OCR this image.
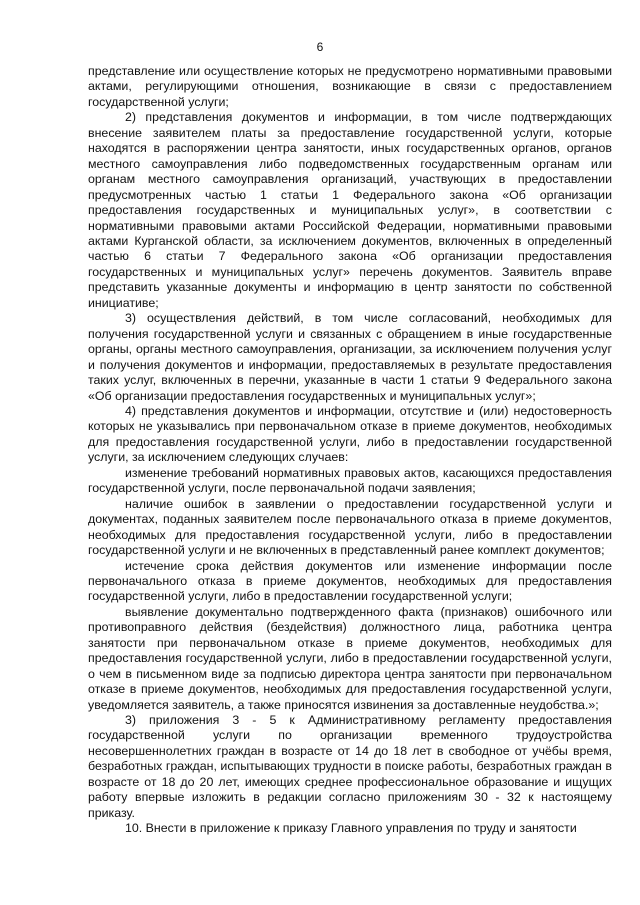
6

представление или осуществление которых не предусмотрено нормативными правовыми актами, регулирующими отношения, возникающие в связи с предоставлением государственной услуги;

2) представления документов и информации, в том числе подтверждающих внесение заявителем платы за предоставление государственной услуги, которые находятся в распоряжении центра занятости, иных государственных органов, органов местного самоуправления либо подведомственных государственным органам или органам местного самоуправления организаций, участвующих в предоставлении предусмотренных частью 1 статьи 1 Федерального закона «Об организации предоставления государственных и муниципальных услуг», в соответствии с нормативными правовыми актами Российской Федерации, нормативными правовыми актами Курганской области, за исключением документов, включенных в определенный частью 6 статьи 7 Федерального закона «Об организации предоставления государственных и муниципальных услуг» перечень документов. Заявитель вправе представить указанные документы и информацию в центр занятости по собственной инициативе;

3) осуществления действий, в том числе согласований, необходимых для получения государственной услуги и связанных с обращением в иные государственные органы, органы местного самоуправления, организации, за исключением получения услуг и получения документов и информации, предоставляемых в результате предоставления таких услуг, включенных в перечни, указанные в части 1 статьи 9 Федерального закона «Об организации предоставления государственных и муниципальных услуг»;

4) представления документов и информации, отсутствие и (или) недостоверность которых не указывались при первоначальном отказе в приеме документов, необходимых для предоставления государственной услуги, либо в предоставлении государственной услуги, за исключением следующих случаев:

изменение требований нормативных правовых актов, касающихся предоставления государственной услуги, после первоначальной подачи заявления;

наличие ошибок в заявлении о предоставлении государственной услуги и документах, поданных заявителем после первоначального отказа в приеме документов, необходимых для предоставления государственной услуги, либо в предоставлении государственной услуги и не включенных в представленный ранее комплект документов;

истечение срока действия документов или изменение информации после первоначального отказа в приеме документов, необходимых для предоставления государственной услуги, либо в предоставлении государственной услуги;

выявление документально подтвержденного факта (признаков) ошибочного или противоправного действия (бездействия) должностного лица, работника центра занятости при первоначальном отказе в приеме документов, необходимых для предоставления государственной услуги, либо в предоставлении государственной услуги, о чем в письменном виде за подписью директора центра занятости при первоначальном отказе в приеме документов, необходимых для предоставления государственной услуги, уведомляется заявитель, а также приносятся извинения за доставленные неудобства.»;

3) приложения 3 - 5 к Административному регламенту предоставления государственной услуги по организации временного трудоустройства несовершеннолетних граждан в возрасте от 14 до 18 лет в свободное от учёбы время, безработных граждан, испытывающих трудности в поиске работы, безработных граждан в возрасте от 18 до 20 лет, имеющих среднее профессиональное образование и ищущих работу впервые изложить в редакции согласно приложениям 30 - 32 к настоящему приказу.

10. Внести в приложение к приказу Главного управления по труду и занятости
